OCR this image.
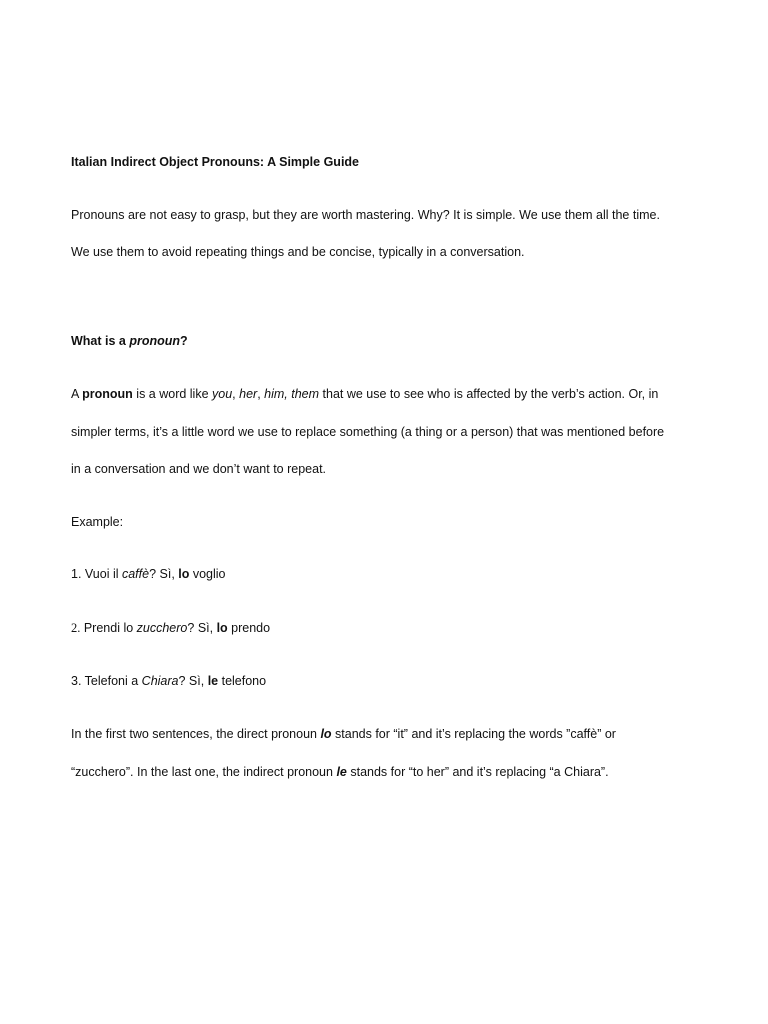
Italian Indirect Object Pronouns: A Simple Guide
Pronouns are not easy to grasp, but they are worth mastering. Why? It is simple. We use them all the time.
We use them to avoid repeating things and be concise, typically in a conversation.
What is a pronoun?
A pronoun is a word like you, her, him, them that we use to see who is affected by the verb’s action. Or, in
simpler terms, it’s a little word we use to replace something (a thing or a person) that was mentioned before
in a conversation and we don’t want to repeat.
Example:
1. Vuoi il caffè? Sì, lo voglio
2. Prendi lo zucchero? Sì, lo prendo
3. Telefoni a Chiara? Sì, le telefono
In the first two sentences, the direct pronoun lo stands for “it” and it’s replacing the words ”caffè” or
“zucchero”. In the last one, the indirect pronoun le stands for “to her” and it’s replacing “a Chiara”.
